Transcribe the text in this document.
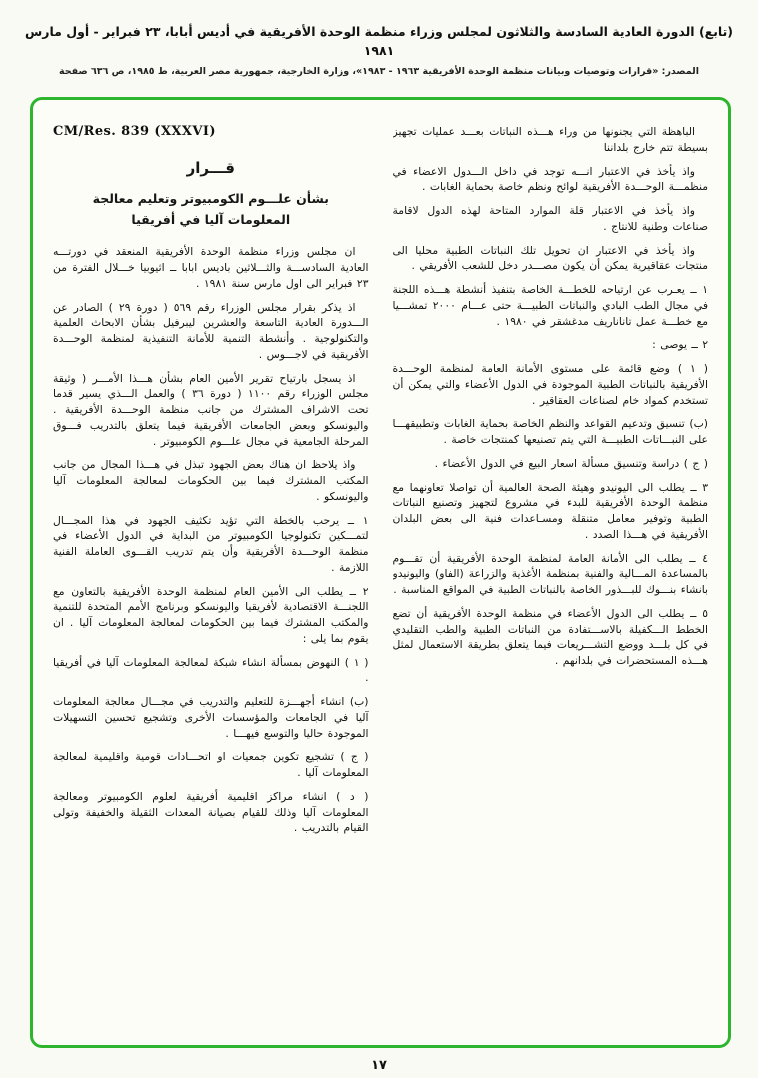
(تابع) الدورة العادية السادسة والثلاثون لمجلس وزراء منظمة الوحدة الأفريقية في أديس أبابا، ٢٣ فبراير - أول مارس ١٩٨١
المصدر: «قرارات وتوصيات وبيانات منظمة الوحدة الأفريقية ١٩٦٣ - ١٩٨٣»، وزارة الخارجية، جمهورية مصر العربية، ط ١٩٨٥، ص ٦٣٦ صفحة

الباهظة التي يجنونها من وراء هـــذه النباتات بعـــد عمليات تجهيز بسيطة تتم خارج بلداننا

واذ يأخذ في الاعتبار انـــه توجد في داخل الـــدول الاعضاء في منظمـــة الوحـــدة الأفريقية لوائح ونظم خاصة بحماية الغابات .

واذ يأخذ في الاعتبار قلة الموارد المتاحة لهذه الدول لاقامة صناعات وطنية للانتاج .

واذ يأخذ في الاعتبار ان تحويل تلك النباتات الطبية محليا الى منتجات عقاقيرية يمكن أن يكون مصـــدر دخل للشعب الأفريقي .

١ ــ يعـرب عن ارتياحه للخطـــة الخاصة بتنفيذ أنشطة هـــذه اللجنة في مجال الطب البادي والنباتات الطبيـــة حتى عـــام ٢٠٠٠ تمشـــيا مع خطـــة عمل تاناناريف مدغشقر في ١٩٨٠ .

٢ ــ يوصى :

( ١ ) وضع قائمة على مستوى الأمانة العامة لمنظمة الوحـــدة الأفريقية بالنباتات الطبية الموجودة في الدول الأعضاء والتي يمكن أن تستخدم كمواد خام لصناعات العقاقير .

(ب) تنسيق وتدعيم القواعد والنظم الخاصة بحماية الغابات وتطبيقهـــا على النبـــاتات الطبيـــة التي يتم تصنيعها كمنتجات خاصة .

( ج ) دراسة وتنسيق مسألة اسعار البيع في الدول الأعضاء .

٣ ــ يطلب الى اليونيدو وهيئة الصحة العالمية أن تواصلا تعاونهما مع منظمة الوحدة الأفريقية للبدء في مشروع لتجهيز وتصنيع النباتات الطبية وتوفير معامل متنقلة ومسـاعدات فنية الى بعض البلدان الأفريقية في هـــذا الصدد .

٤ ــ يطلب الى الأمانة العامة لمنظمة الوحدة الأفريقية أن تقـــوم بالمساعدة المـــالية والفنية بمنظمة الأغذية والزراعة (الفاو) واليونيدو بانشاء بنـــوك للبـــذور الخاصة بالنباتات الطبية في المواقع المناسبة .

٥ ــ يطلب الى الدول الأعضاء في منظمة الوحدة الأفريقية أن تضع الخطط الـــكفيلة بالاســـتفادة من النباتات الطبية والطب التقليدي في كل بلـــد ووضع التشـــريعات فيما يتعلق بطريقة الاستعمال لمثل هـــذه المستحضرات في بلدانهم .

CM/Res. 839 (XXXVI)
قـــرار
بشأن علـــوم الكومبيوتر وتعليم معالجة
المعلومات آليا في أفريقيا

ان مجلس وزراء منظمة الوحدة الأفريقية المنعقد في دورتـــه العادية السادســـة والثـــلاثين باديس ابابا ــ اثيوبيا خـــلال الفترة من ٢٣ فبراير الى اول مارس سنة ١٩٨١ .

اذ يذكر بقرار مجلس الوزراء رقم ٥٦٩ ( دورة ٢٩ ) الصادر عن الـــدورة العادية التاسعة والعشرين ليبرفيل بشأن الابحاث العلمية والتكنولوجية . وأنشطة التنمية للأمانة التنفيذية لمنظمة الوحـــدة الأفريقية في لاجـــوس .

اذ يسجل بارتياح تقرير الأمين العام بشأن هـــذا الأمـــر ( وثيقة مجلس الوزراء رقم ١١٠٠ ( دورة ٣٦ ) والعمل الـــذي يسير قدما تحت الاشراف المشترك من جانب منظمة الوحـــدة الأفريقية . واليونسكو وبعض الجامعات الأفريقية فيما يتعلق بالتدريب فـــوق المرحلة الجامعية في مجال علـــوم الكومبيوتر .

واذ يلاحظ ان هناك بعض الجهود تبذل في هـــذا المجال من جانب المكتب المشترك فيما بين الحكومات لمعالجة المعلومات آليا واليونسكو .

١ ــ يرحب بالخطة التي تؤيد تكثيف الجهود في هذا المجـــال لتمـــكين تكنولوجيا الكومبيوتر من البداية في الدول الأعضاء في منظمة الوحـــدة الأفريقية وأن يتم تدريب القـــوى العاملة الفنية اللازمة .

٢ ــ يطلب الى الأمين العام لمنظمة الوحدة الأفريقية بالتعاون مع اللجنـــة الاقتصادية لأفريقيا واليونسكو وبرنامج الأمم المتحدة للتنمية والمكتب المشترك فيما بين الحكومات لمعالجة المعلومات آليا . ان يقوم بما يلى :

( ١ ) النهوض بمسألة انشاء شبكة لمعالجة المعلومات آليا في أفريقيا .

(ب) انشاء أجهـــزة للتعليم والتدريب في مجـــال معالجة المعلومات آليا في الجامعات والمؤسسات الأخرى وتشجيع تحسين التسهيلات الموجودة حاليا والتوسع فيهـــا .

( ج ) تشجيع تكوين جمعيات او اتحـــادات قومية واقليمية لمعالجة المعلومات آليا .

( د ) انشاء مراكز اقليمية أفريقية لعلوم الكومبيوتر ومعالجة المعلومات آليا وذلك للقيام بصيانة المعدات الثقيلة والخفيفة وتولى القيام بالتدريب .

١٧
